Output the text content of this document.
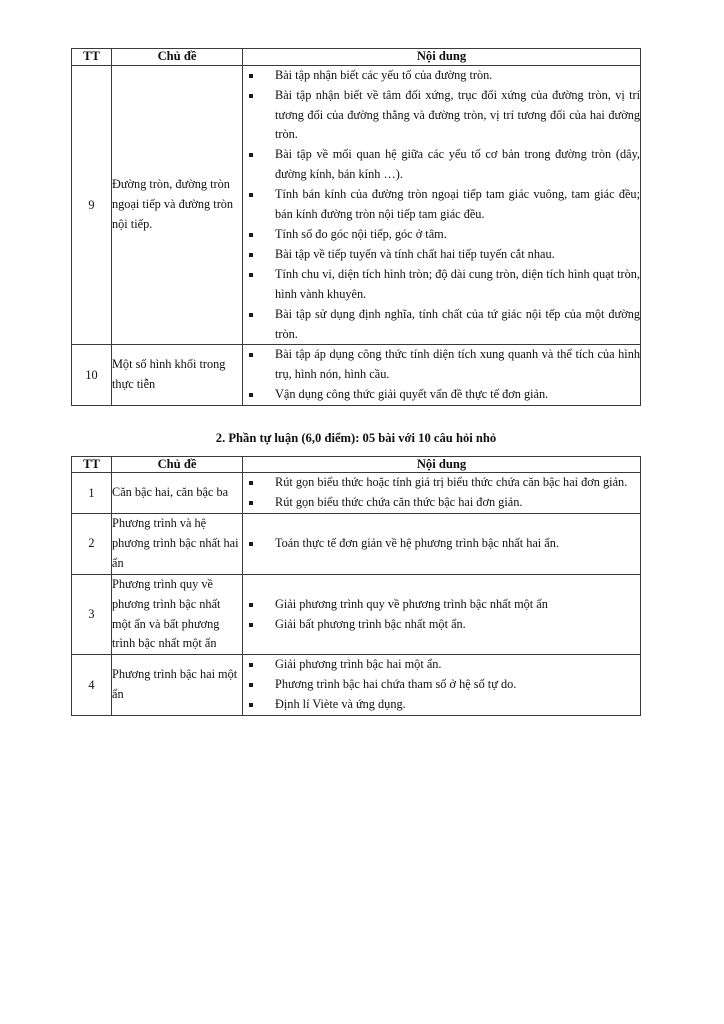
TT	Chủ đề	Nội dung
9	Đường tròn, đường tròn ngoại tiếp và đường tròn nội tiếp.	
Bài tập nhận biết các yếu tố của đường tròn.
Bài tập nhận biết về tâm đối xứng, trục đối xứng của đường tròn, vị trí tương đối của đường thẳng và đường tròn, vị trí tương đối của hai đường tròn.
Bài tập về mối quan hệ giữa các yếu tố cơ bản trong đường tròn (dây, đường kính, bán kính …).
Tính bán kính của đường tròn ngoại tiếp tam giác vuông, tam giác đều; bán kính đường tròn nội tiếp tam giác đều.
Tính số đo góc nội tiếp, góc ở tâm.
Bài tập về tiếp tuyến và tính chất hai tiếp tuyến cắt nhau.
Tính chu vi, diện tích hình tròn; độ dài cung tròn, diện tích hình quạt tròn, hình vành khuyên.
Bài tập sử dụng định nghĩa, tính chất của tứ giác nội tếp của một đường tròn.

10	Một số hình khối trong thực tiễn	
Bài tập áp dụng công thức tính diện tích xung quanh và thể tích của hình trụ, hình nón, hình cầu.
Vận dụng công thức giải quyết vấn đề thực tế đơn giản.
2. Phần tự luận (6,0 điểm): 05 bài với 10 câu hỏi nhỏ
TT	Chủ đề	Nội dung
1	Căn bậc hai, căn bậc ba	
Rút gọn biểu thức hoặc tính giá trị biểu thức chứa căn bậc hai đơn giản.
Rút gọn biểu thức chứa căn thức bậc hai đơn giản.

2	Phương trình và hệ phương trình bậc nhất hai ẩn	
Toán thực tế đơn giản về hệ phương trình bậc nhất hai ẩn.

3	Phương trình quy về phương trình bậc nhất một ẩn và bất phương trình bậc nhất một ẩn	
Giải phương trình quy về phương trình bậc nhất một ẩn
Giải bất phương trình bậc nhất một ẩn.

4	Phương trình bậc hai một ẩn	
Giải phương trình bậc hai một ẩn.
Phương trình bậc hai chứa tham số ở hệ số tự do.
Định lí Viète và ứng dụng.
